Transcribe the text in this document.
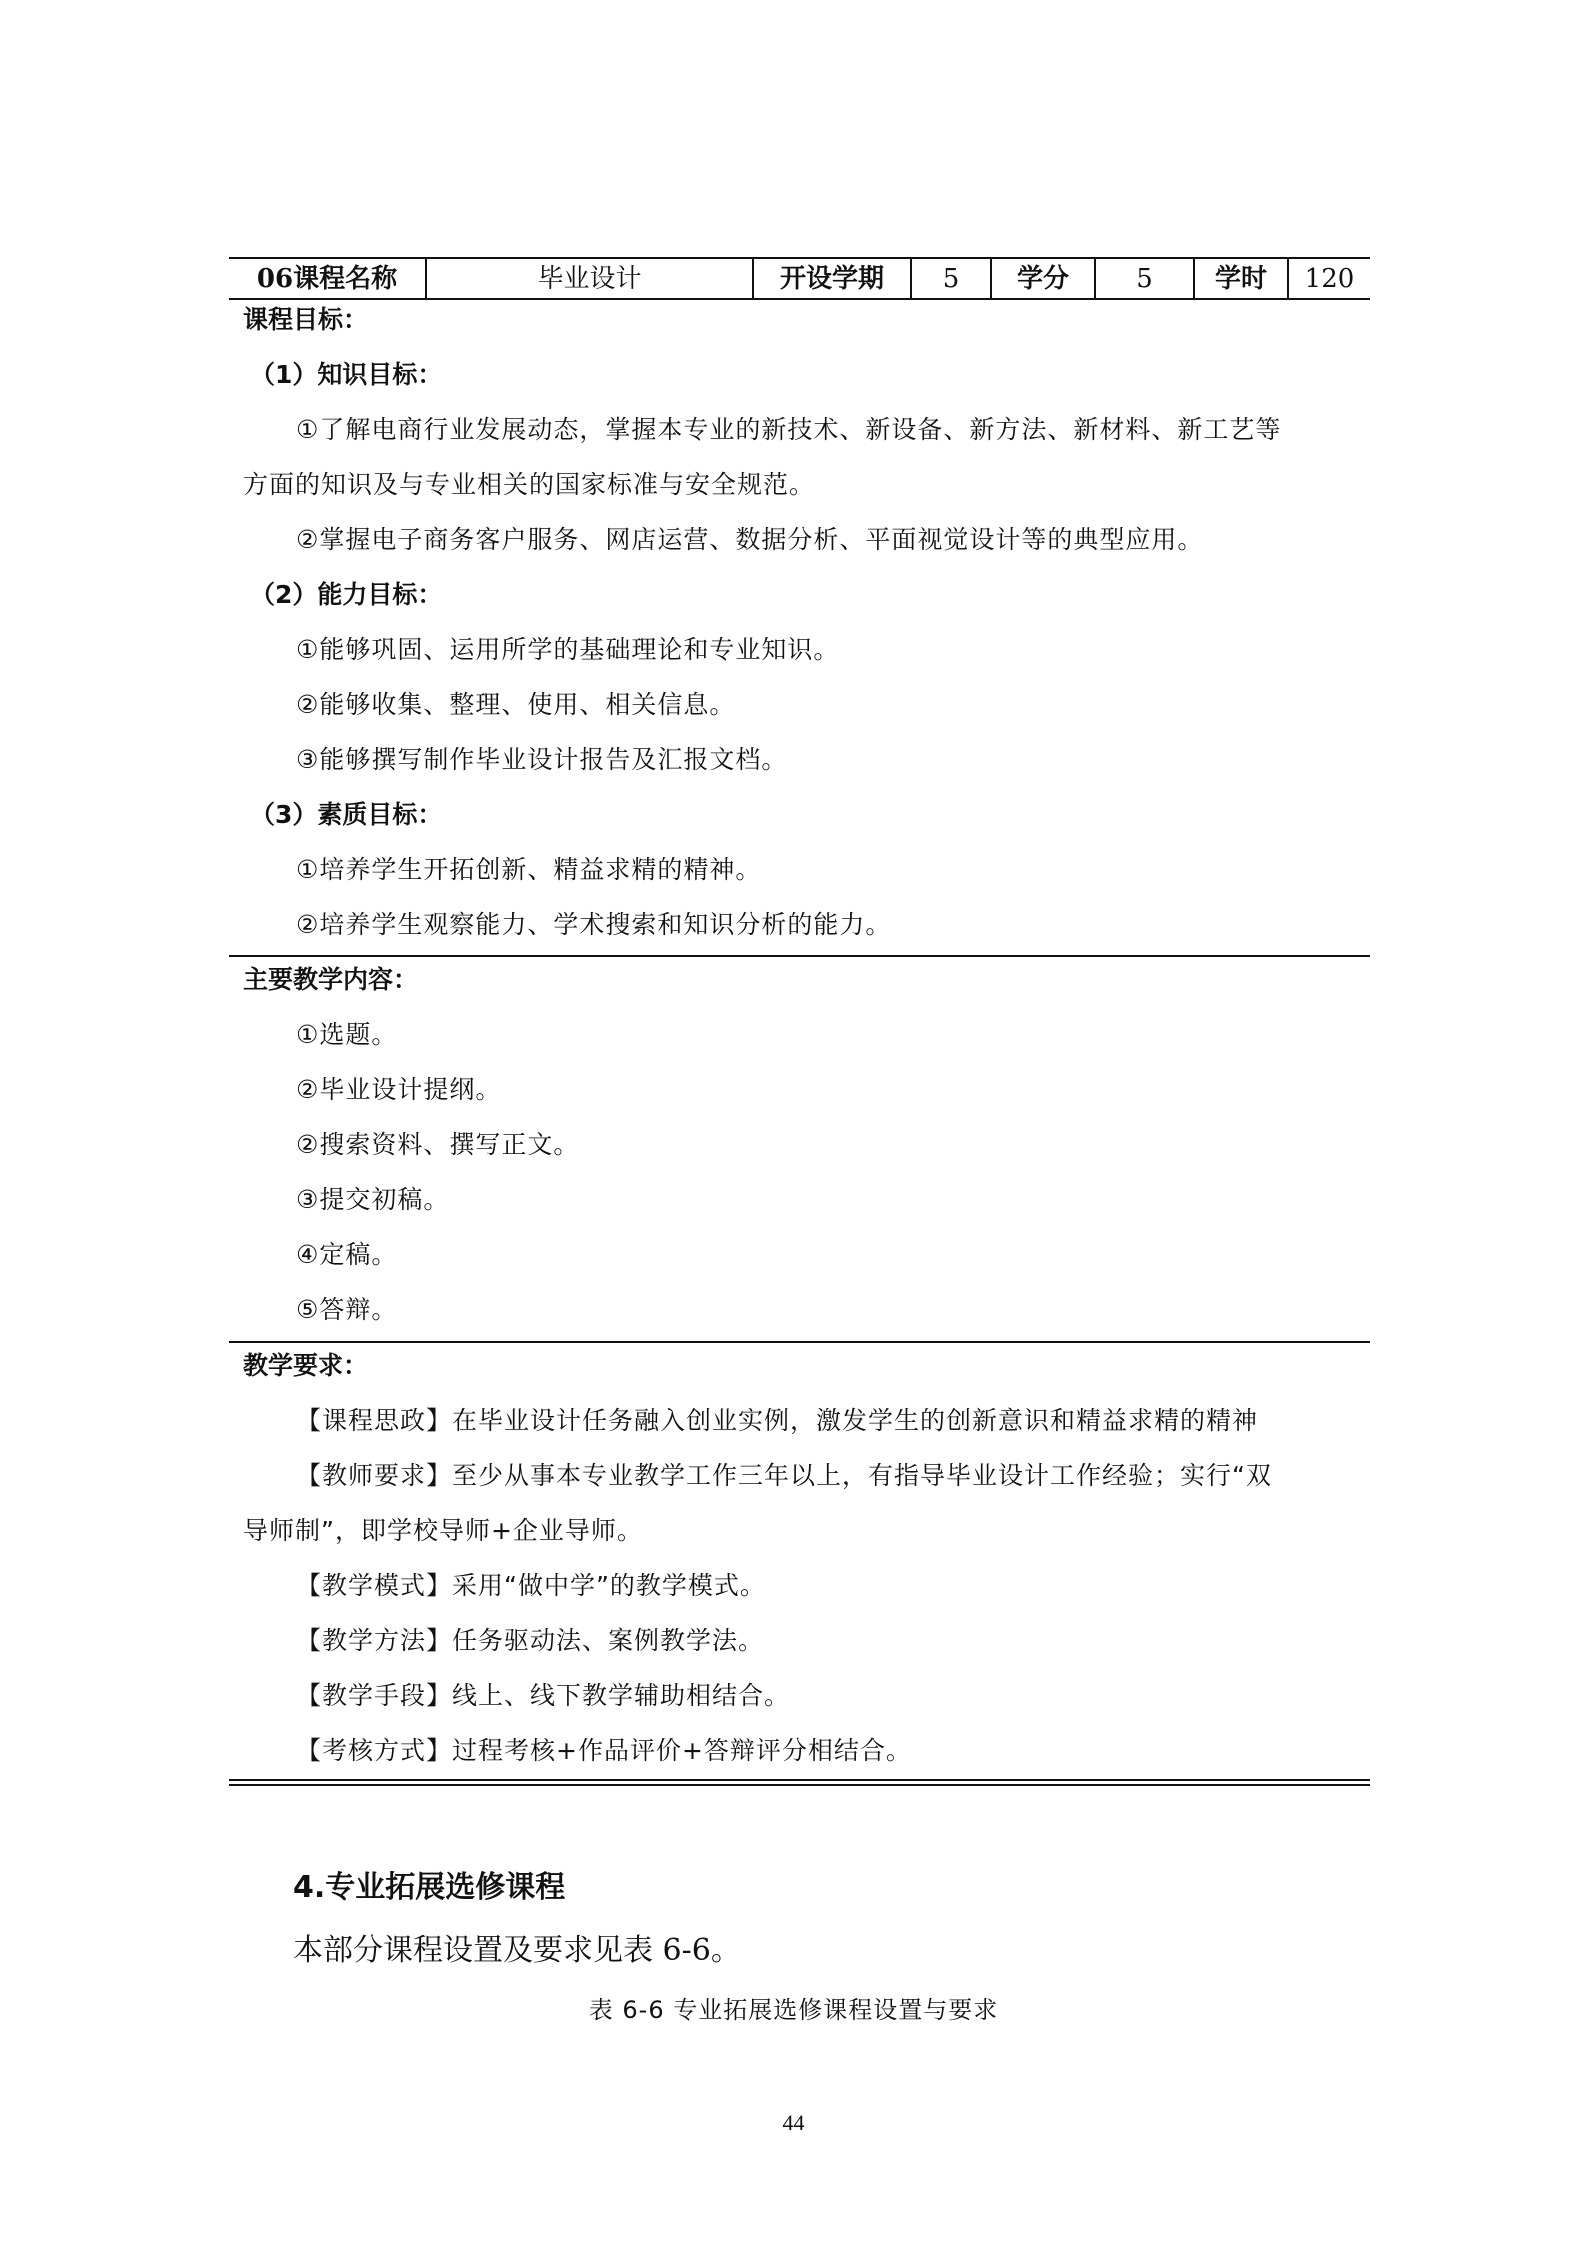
06课程名称	毕业设计	开设学期	5	学分	5	学时	120
课程目标：
（1）知识目标：
①了解电商行业发展动态，掌握本专业的新技术、新设备、新方法、新材料、新工艺等
方面的知识及与专业相关的国家标准与安全规范。
②掌握电子商务客户服务、网店运营、数据分析、平面视觉设计等的典型应用。
（2）能力目标：
①能够巩固、运用所学的基础理论和专业知识。
②能够收集、整理、使用、相关信息。
③能够撰写制作毕业设计报告及汇报文档。
（3）素质目标：
①培养学生开拓创新、精益求精的精神。
②培养学生观察能力、学术搜索和知识分析的能力。
主要教学内容：
①选题。
②毕业设计提纲。
②搜索资料、撰写正文。
③提交初稿。
④定稿。
⑤答辩。
教学要求：
【课程思政】在毕业设计任务融入创业实例，激发学生的创新意识和精益求精的精神
【教师要求】至少从事本专业教学工作三年以上，有指导毕业设计工作经验；实行“双
导师制”，即学校导师+企业导师。
【教学模式】采用“做中学”的教学模式。
【教学方法】任务驱动法、案例教学法。
【教学手段】线上、线下教学辅助相结合。
【考核方式】过程考核+作品评价+答辩评分相结合。
4.专业拓展选修课程
本部分课程设置及要求见表 6-6。
表 6-6 专业拓展选修课程设置与要求
44
